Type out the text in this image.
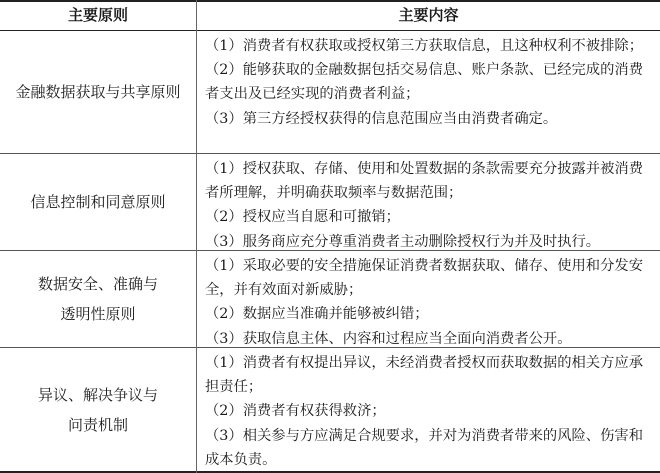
主要原则	主要内容
金融数据获取与共享原则
（1）消费者有权获取或授权第三方获取信息，且这种权利不被排除；
（2）能够获取的金融数据包括交易信息、账户条款、已经完成的消费者支出及已经实现的消费者利益；
（3）第三方经授权获得的信息范围应当由消费者确定。
信息控制和同意原则
（1）授权获取、存储、使用和处置数据的条款需要充分披露并被消费者所理解，并明确获取频率与数据范围；
（2）授权应当自愿和可撤销；
（3）服务商应充分尊重消费者主动删除授权行为并及时执行。
数据安全、准确与
透明性原则
（1）采取必要的安全措施保证消费者数据获取、储存、使用和分发安全，并有效面对新威胁；
（2）数据应当准确并能够被纠错；
（3）获取信息主体、内容和过程应当全面向消费者公开。
异议、解决争议与
问责机制
（1）消费者有权提出异议，未经消费者授权而获取数据的相关方应承担责任；
（2）消费者有权获得救济；
（3）相关参与方应满足合规要求，并对为消费者带来的风险、伤害和成本负责。
